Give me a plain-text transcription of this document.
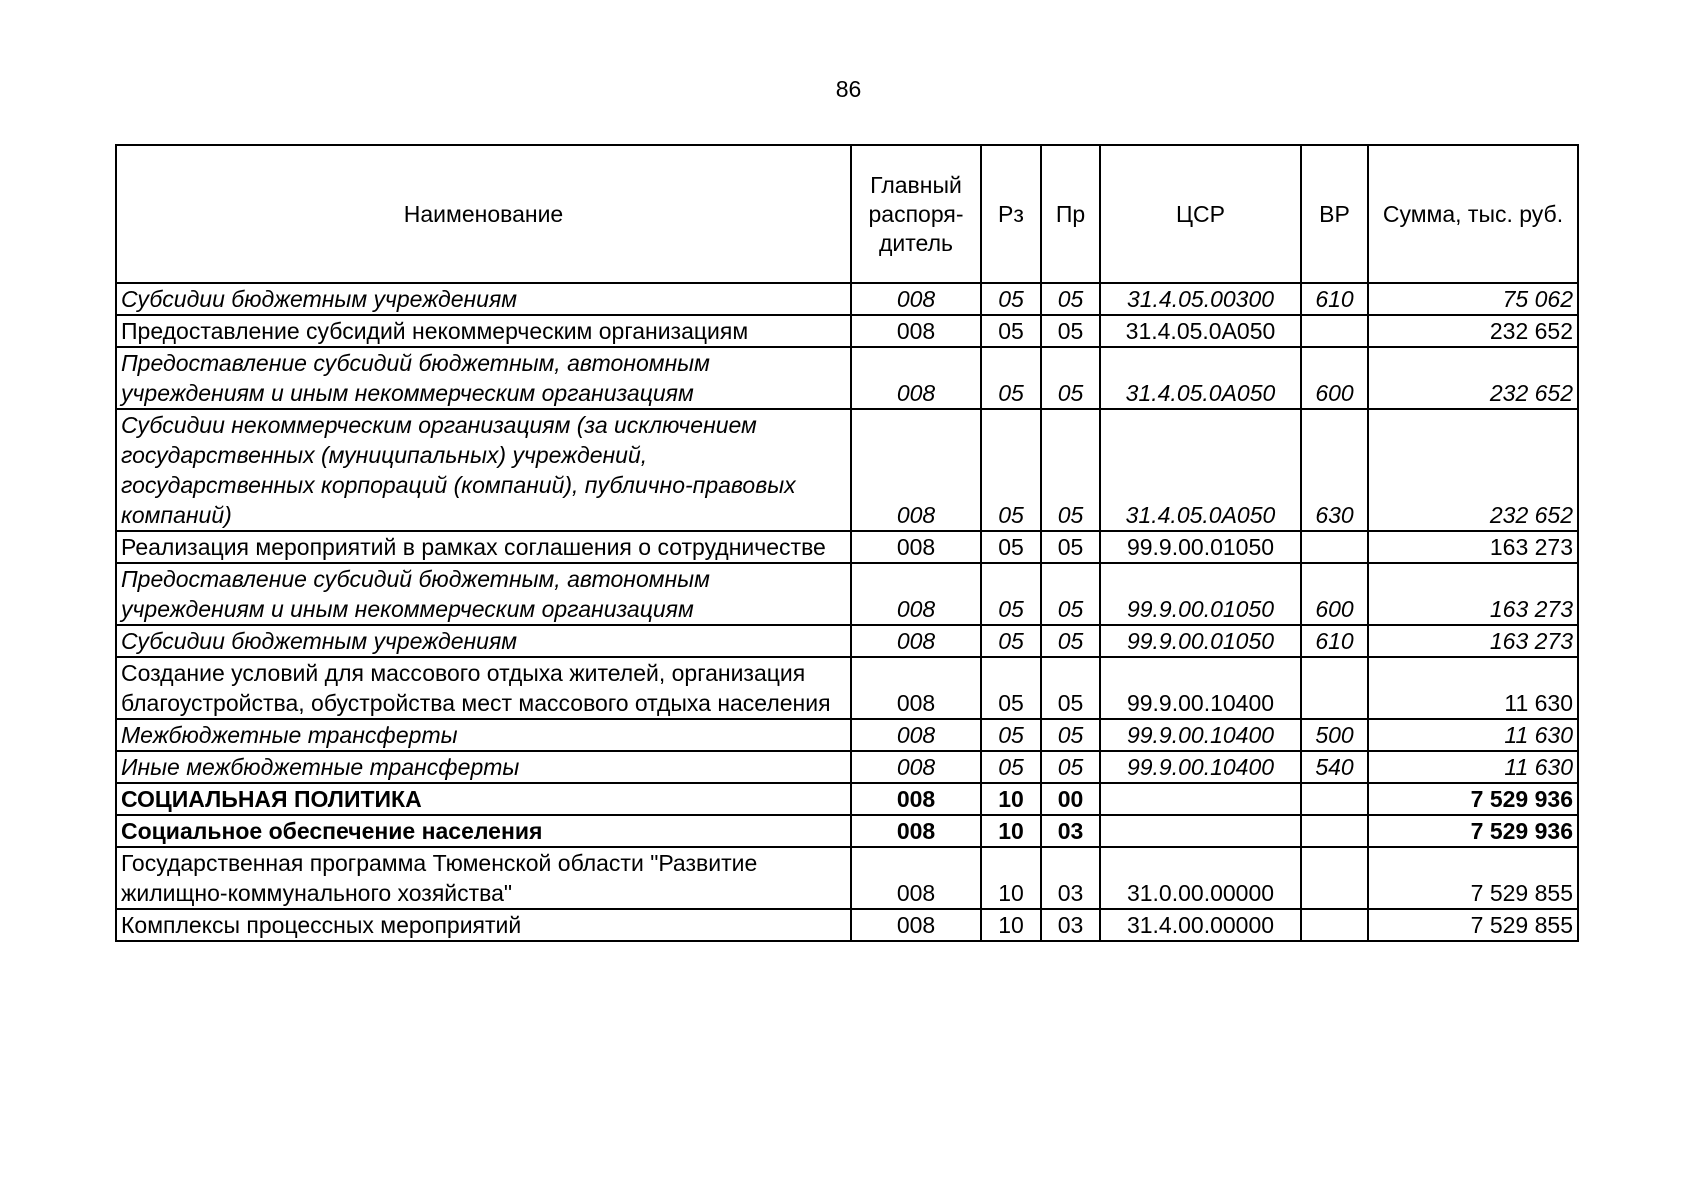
86
Наименование	Главный распоря-дитель	Рз	Пр	ЦСР	ВР	Сумма, тыс. руб.
Субсидии бюджетным учреждениям	008	05	05	31.4.05.00300	610	75 062
Предоставление субсидий некоммерческим организациям	008	05	05	31.4.05.0А050		232 652
Предоставление субсидий бюджетным, автономным учреждениям и иным некоммерческим организациям	008	05	05	31.4.05.0А050	600	232 652
Субсидии некоммерческим организациям (за исключением государственных (муниципальных) учреждений, государственных корпораций (компаний), публично-правовых компаний)	008	05	05	31.4.05.0А050	630	232 652
Реализация мероприятий в рамках соглашения о сотрудничестве	008	05	05	99.9.00.01050		163 273
Предоставление субсидий бюджетным, автономным учреждениям и иным некоммерческим организациям	008	05	05	99.9.00.01050	600	163 273
Субсидии бюджетным учреждениям	008	05	05	99.9.00.01050	610	163 273
Создание условий для массового отдыха жителей, организация благоустройства, обустройства мест массового отдыха населения	008	05	05	99.9.00.10400		11 630
Межбюджетные трансферты	008	05	05	99.9.00.10400	500	11 630
Иные межбюджетные трансферты	008	05	05	99.9.00.10400	540	11 630
СОЦИАЛЬНАЯ ПОЛИТИКА	008	10	00			7 529 936
Социальное обеспечение населения	008	10	03			7 529 936
Государственная программа Тюменской области "Развитие жилищно-коммунального хозяйства"	008	10	03	31.0.00.00000		7 529 855
Комплексы процессных мероприятий	008	10	03	31.4.00.00000		7 529 855
